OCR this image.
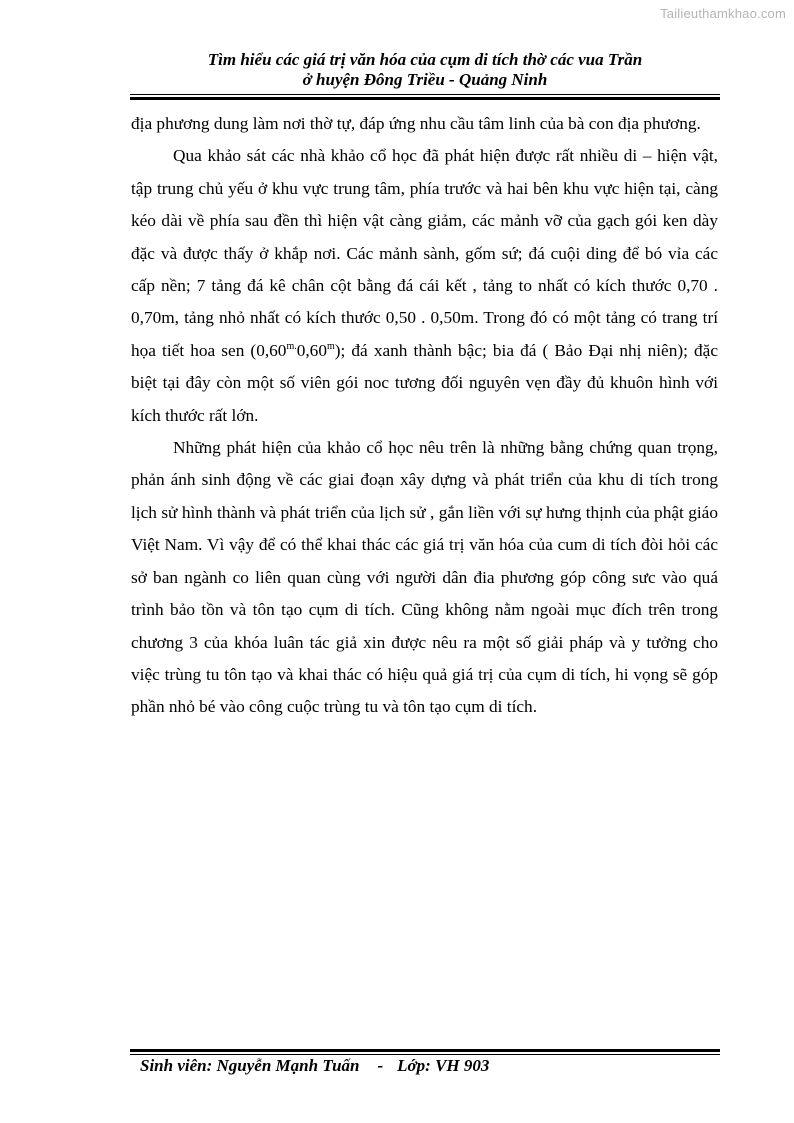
Tailieuthamkhao.com
Tìm hiểu các giá trị văn hóa của cụm di tích thờ các vua Trần
ở huyện Đông Triều - Quảng Ninh

địa phương dung làm nơi thờ tự, đáp ứng nhu cầu tâm linh của bà con địa phương.

Qua khảo sát các nhà khảo cổ học đã phát hiện được rất nhiều di – hiện vật, tập trung chủ yếu ở khu vực trung tâm, phía trước và hai bên khu vực hiện tại, càng kéo dài về phía sau đền thì hiện vật càng giảm, các mảnh vỡ của gạch gói ken dày đặc và được thấy ở khắp nơi. Các mảnh sành, gốm sứ; đá cuội ding để bó vỉa các cấp nền; 7 tảng đá kê chân cột bằng đá cái kết , tảng to nhất có kích thước 0,70 . 0,70m, tảng nhỏ nhất có kích thước 0,50 . 0,50m. Trong đó có một tảng có trang trí họa tiết hoa sen $(0,60^{m.}0,60^m)$; đá xanh thành bậc; bia đá ( Bảo Đại nhị niên); đặc biệt tại đây còn một số viên gói noc tương đối nguyên vẹn đầy đủ khuôn hình với kích thước rất lớn.

Những phát hiện của khảo cổ học nêu trên là những bằng chứng quan trọng, phản ánh sinh động về các giai đoạn xây dựng và phát triển của khu di tích trong lịch sử hình thành và phát triển của lịch sử , gắn liền với sự hưng thịnh của phật giáo Việt Nam. Vì vậy để có thể khai thác các giá trị văn hóa của cum di tích đòi hỏi các sở ban ngành co liên quan cùng với người dân đia phương góp công sưc vào quá trình bảo tồn và tôn tạo cụm di tích. Cũng không nằm ngoài mục đích trên trong chương 3 của khóa luân tác giả xin được nêu ra một số giải pháp và y tưởng cho việc trùng tu tôn tạo và khai thác có hiệu quả giá trị của cụm di tích, hi vọng sẽ góp phần nhỏ bé vào công cuộc trùng tu và tôn tạo cụm di tích.

Sinh viên: Nguyễn Mạnh Tuấn - Lớp: VH 903
